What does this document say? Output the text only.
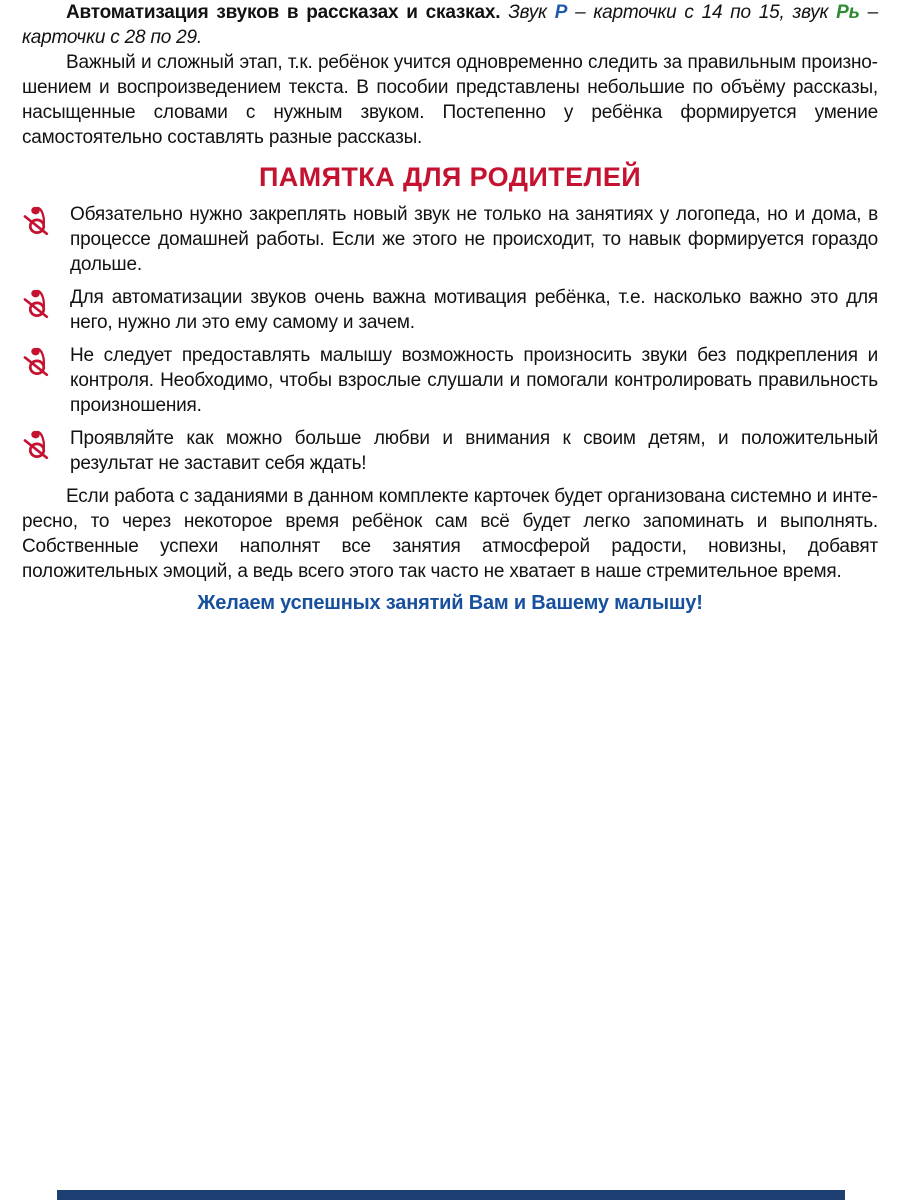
Автоматизация звуков в рассказах и сказках. Звук Р – карточки с 14 по 15, звук Рь – карточки с 28 по 29.

Важный и сложный этап, т.к. ребёнок учится одновременно следить за правильным произношением и воспроизведением текста. В пособии представлены небольшие по объёму рассказы, насыщенные словами с нужным звуком. Постепенно у ребёнка формируется умение самостоятельно составлять разные рассказы.

ПАМЯТКА ДЛЯ РОДИТЕЛЕЙ

Обязательно нужно закреплять новый звук не только на занятиях у логопеда, но и дома, в процессе домашней работы. Если же этого не происходит, то навык формируется гораздо дольше.

Для автоматизации звуков очень важна мотивация ребёнка, т.е. насколько важно это для него, нужно ли это ему самому и зачем.

Не следует предоставлять малышу возможность произносить звуки без подкрепления и контроля. Необходимо, чтобы взрослые слушали и помогали контролировать правильность произношения.

Проявляйте как можно больше любви и внимания к своим детям, и положительный результат не заставит себя ждать!

Если работа с заданиями в данном комплекте карточек будет организована системно и интересно, то через некоторое время ребёнок сам всё будет легко запоминать и выполнять. Собственные успехи наполнят все занятия атмосферой радости, новизны, добавят положительных эмоций, а ведь всего этого так часто не хватает в наше стремительное время.

Желаем успешных занятий Вам и Вашему малышу!
